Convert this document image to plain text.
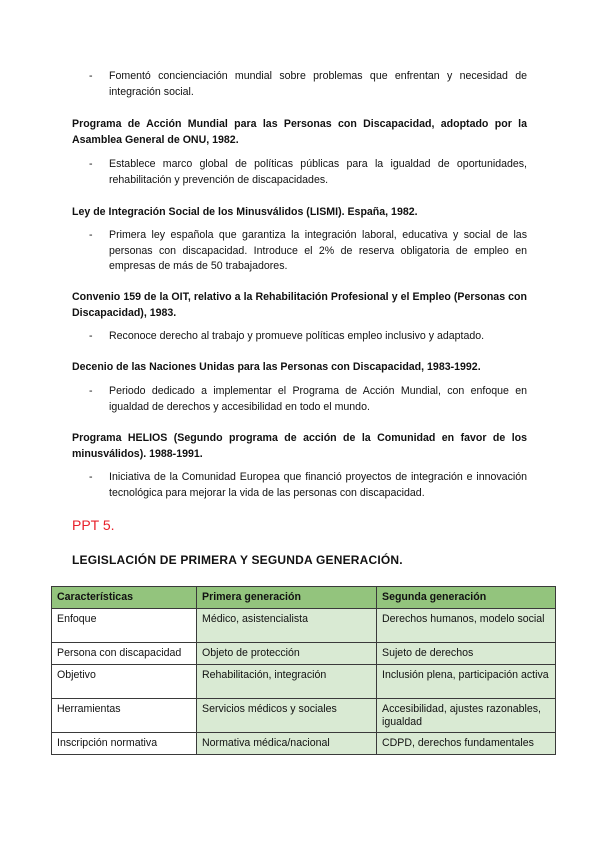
- Fomentó concienciación mundial sobre problemas que enfrentan y necesidad de integración social.
Programa de Acción Mundial para las Personas con Discapacidad, adoptado por la Asamblea General de ONU, 1982.
- Establece marco global de políticas públicas para la igualdad de oportunidades, rehabilitación y prevención de discapacidades.
Ley de Integración Social de los Minusválidos (LISMI). España, 1982.
- Primera ley española que garantiza la integración laboral, educativa y social de las personas con discapacidad. Introduce el 2% de reserva obligatoria de empleo en empresas de más de 50 trabajadores.
Convenio 159 de la OIT, relativo a la Rehabilitación Profesional y el Empleo (Personas con Discapacidad), 1983.
- Reconoce derecho al trabajo y promueve políticas empleo inclusivo y adaptado.
Decenio de las Naciones Unidas para las Personas con Discapacidad, 1983-1992.
- Periodo dedicado a implementar el Programa de Acción Mundial, con enfoque en igualdad de derechos y accesibilidad en todo el mundo.
Programa HELIOS (Segundo programa de acción de la Comunidad en favor de los minusválidos). 1988-1991.
- Iniciativa de la Comunidad Europea que financió proyectos de integración e innovación tecnológica para mejorar la vida de las personas con discapacidad.
PPT 5.
LEGISLACIÓN DE PRIMERA Y SEGUNDA GENERACIÓN.
Características	Primera generación	Segunda generación
Enfoque	Médico, asistencialista	Derechos humanos, modelo social
Persona con discapacidad	Objeto de protección	Sujeto de derechos
Objetivo	Rehabilitación, integración	Inclusión plena, participación activa
Herramientas	Servicios médicos y sociales	Accesibilidad, ajustes razonables, igualdad
Inscripción normativa	Normativa médica/nacional	CDPD, derechos fundamentales
